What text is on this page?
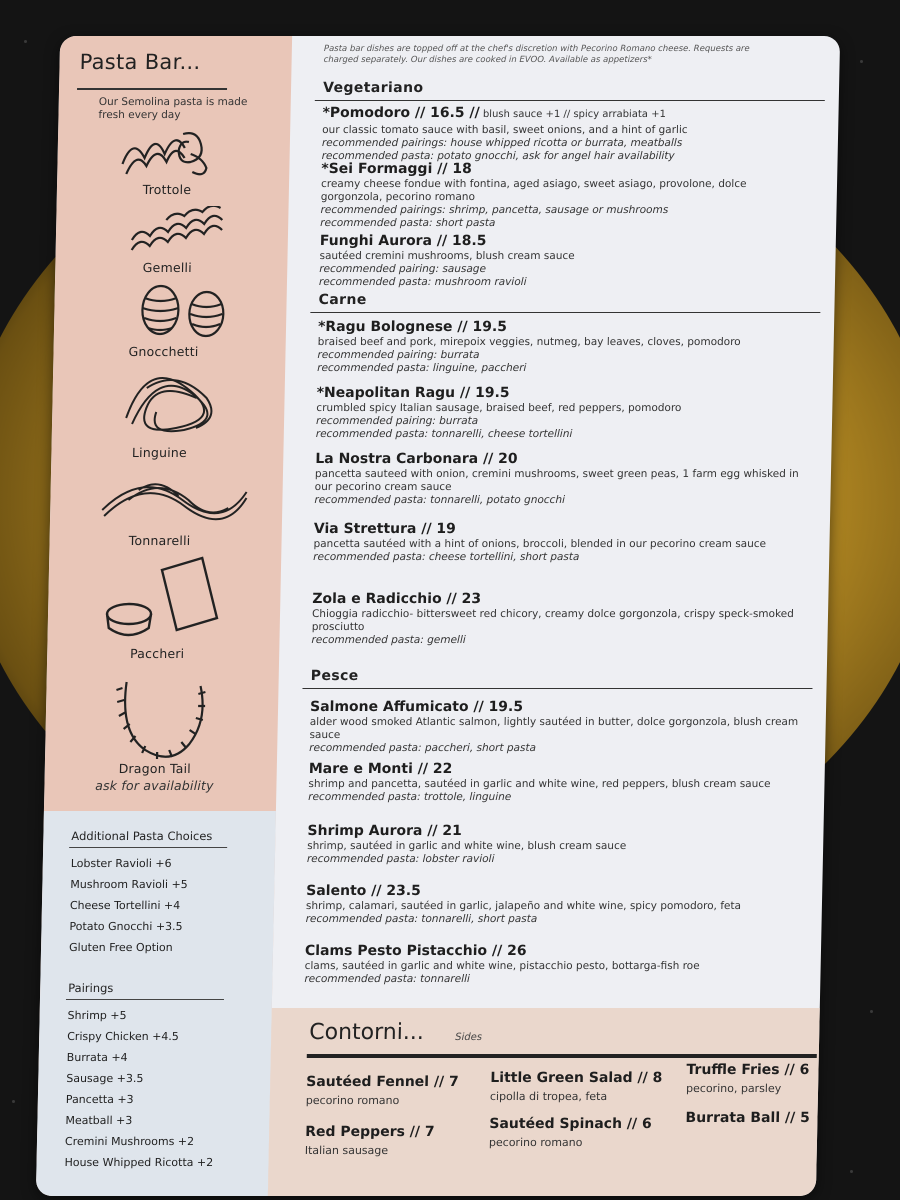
Pasta Bar...
Our Semolina pasta is made fresh every day
Trottole
Gemelli
Gnocchetti
Linguine
Tonnarelli
Paccheri
Dragon Tail
ask for availability
Additional Pasta Choices
Lobster Ravioli +6
Mushroom Ravioli +5
Cheese Tortellini +4
Potato Gnocchi +3.5
Gluten Free Option
Pairings
Shrimp +5
Crispy Chicken +4.5
Burrata +4
Sausage +3.5
Pancetta +3
Meatball +3
Cremini Mushrooms +2
House Whipped Ricotta +2
Pasta bar dishes are topped off at the chef's discretion with Pecorino Romano cheese. Requests are charged separately. Our dishes are cooked in EVOO. Available as appetizers*
Vegetariano
*Pomodoro // 16.5 // blush sauce +1 // spicy arrabiata +1
our classic tomato sauce with basil, sweet onions, and a hint of garlic
recommended pairings: house whipped ricotta or burrata, meatballs
recommended pasta: potato gnocchi, ask for angel hair availability
*Sei Formaggi // 18
creamy cheese fondue with fontina, aged asiago, sweet asiago, provolone, dolce gorgonzola, pecorino romano
recommended pairings: shrimp, pancetta, sausage or mushrooms
recommended pasta: short pasta
Funghi Aurora // 18.5
sautéed cremini mushrooms, blush cream sauce
recommended pairing: sausage
recommended pasta: mushroom ravioli
Carne
*Ragu Bolognese // 19.5
braised beef and pork, mirepoix veggies, nutmeg, bay leaves, cloves, pomodoro
recommended pairing: burrata
recommended pasta: linguine, paccheri
*Neapolitan Ragu // 19.5
crumbled spicy Italian sausage, braised beef, red peppers, pomodoro
recommended pairing: burrata
recommended pasta: tonnarelli, cheese tortellini
La Nostra Carbonara // 20
pancetta sauteed with onion, cremini mushrooms, sweet green peas, 1 farm egg whisked in our pecorino cream sauce
recommended pasta: tonnarelli, potato gnocchi
Via Strettura // 19
pancetta sautéed with a hint of onions, broccoli, blended in our pecorino cream sauce
recommended pasta: cheese tortellini, short pasta
Zola e Radicchio // 23
Chioggia radicchio- bittersweet red chicory, creamy dolce gorgonzola, crispy speck-smoked prosciutto
recommended pasta: gemelli
Pesce
Salmone Affumicato // 19.5
alder wood smoked Atlantic salmon, lightly sautéed in butter, dolce gorgonzola, blush cream sauce
recommended pasta: paccheri, short pasta
Mare e Monti // 22
shrimp and pancetta, sautéed in garlic and white wine, red peppers, blush cream sauce
recommended pasta: trottole, linguine
Shrimp Aurora // 21
shrimp, sautéed in garlic and white wine, blush cream sauce
recommended pasta: lobster ravioli
Salento // 23.5
shrimp, calamari, sautéed in garlic, jalapeño and white wine, spicy pomodoro, feta
recommended pasta: tonnarelli, short pasta
Clams Pesto Pistacchio // 26
clams, sautéed in garlic and white wine, pistacchio pesto, bottarga-fish roe
recommended pasta: tonnarelli
Contorni...	Sides
Sautéed Fennel // 7
pecorino romano
Red Peppers // 7
Italian sausage
Little Green Salad // 8
cipolla di tropea, feta
Sautéed Spinach // 6
pecorino romano
Truffle Fries // 6
pecorino, parsley
Burrata Ball // 5
